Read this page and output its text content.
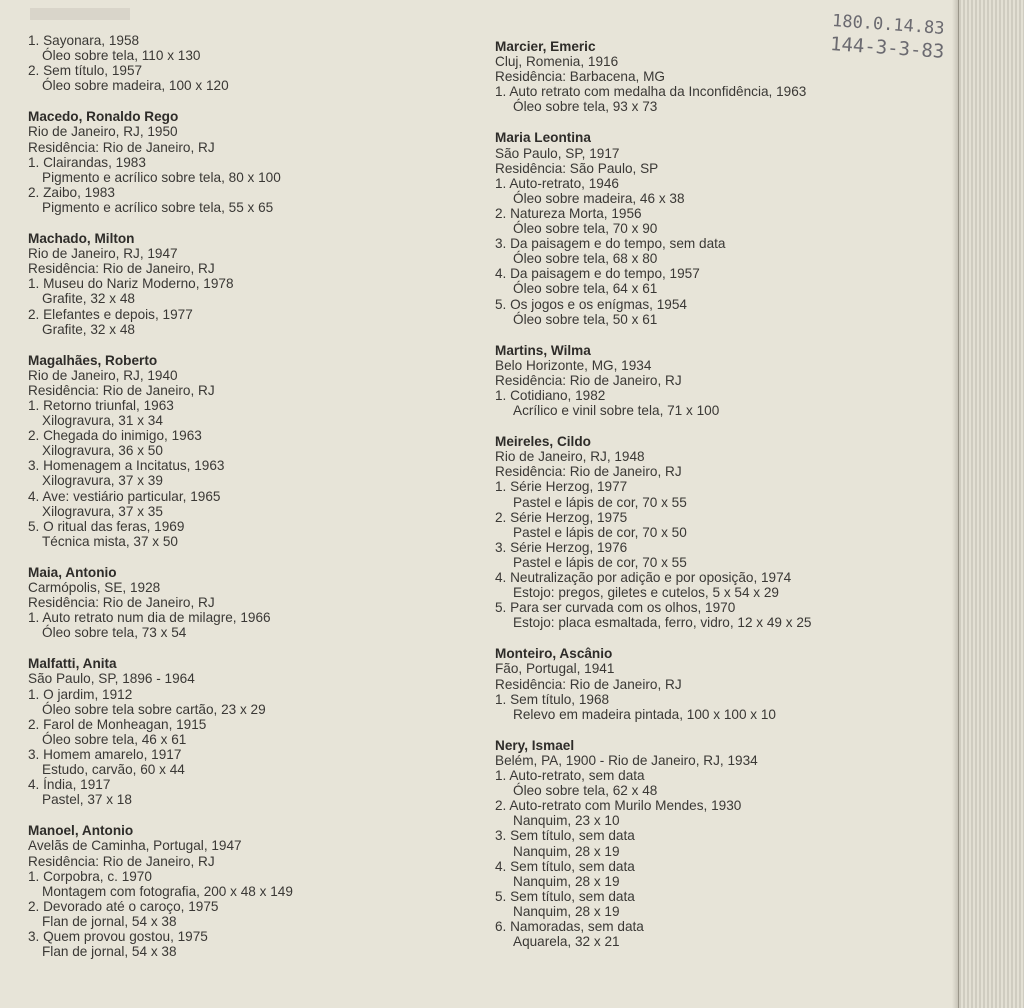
180.0.14.83
144-3-3-83
1. Sayonara, 1958
Óleo sobre tela, 110 x 130
2. Sem título, 1957
Óleo sobre madeira, 100 x 120
Macedo, Ronaldo Rego
Rio de Janeiro, RJ, 1950
Residência: Rio de Janeiro, RJ
1. Clairandas, 1983
Pigmento e acrílico sobre tela, 80 x 100
2. Zaibo, 1983
Pigmento e acrílico sobre tela, 55 x 65
Machado, Milton
Rio de Janeiro, RJ, 1947
Residência: Rio de Janeiro, RJ
1. Museu do Nariz Moderno, 1978
Grafite, 32 x 48
2. Elefantes e depois, 1977
Grafite, 32 x 48
Magalhães, Roberto
Rio de Janeiro, RJ, 1940
Residência: Rio de Janeiro, RJ
1. Retorno triunfal, 1963
Xilogravura, 31 x 34
2. Chegada do inimigo, 1963
Xilogravura, 36 x 50
3. Homenagem a Incitatus, 1963
Xilogravura, 37 x 39
4. Ave: vestiário particular, 1965
Xilogravura, 37 x 35
5. O ritual das feras, 1969
Técnica mista, 37 x 50
Maia, Antonio
Carmópolis, SE, 1928
Residência: Rio de Janeiro, RJ
1. Auto retrato num dia de milagre, 1966
Óleo sobre tela, 73 x 54
Malfatti, Anita
São Paulo, SP, 1896 - 1964
1. O jardim, 1912
Óleo sobre tela sobre cartão, 23 x 29
2. Farol de Monheagan, 1915
Óleo sobre tela, 46 x 61
3. Homem amarelo, 1917
Estudo, carvão, 60 x 44
4. Índia, 1917
Pastel, 37 x 18
Manoel, Antonio
Avelãs de Caminha, Portugal, 1947
Residência: Rio de Janeiro, RJ
1. Corpobra, c. 1970
Montagem com fotografia, 200 x 48 x 149
2. Devorado até o caroço, 1975
Flan de jornal, 54 x 38
3. Quem provou gostou, 1975
Flan de jornal, 54 x 38
Marcier, Emeric
Cluj, Romenia, 1916
Residência: Barbacena, MG
1. Auto retrato com medalha da Inconfidência, 1963
Óleo sobre tela, 93 x 73
Maria Leontina
São Paulo, SP, 1917
Residência: São Paulo, SP
1. Auto-retrato, 1946
Óleo sobre madeira, 46 x 38
2. Natureza Morta, 1956
Óleo sobre tela, 70 x 90
3. Da paisagem e do tempo, sem data
Óleo sobre tela, 68 x 80
4. Da paisagem e do tempo, 1957
Óleo sobre tela, 64 x 61
5. Os jogos e os enígmas, 1954
Óleo sobre tela, 50 x 61
Martins, Wilma
Belo Horizonte, MG, 1934
Residência: Rio de Janeiro, RJ
1. Cotidiano, 1982
Acrílico e vinil sobre tela, 71 x 100
Meireles, Cildo
Rio de Janeiro, RJ, 1948
Residência: Rio de Janeiro, RJ
1. Série Herzog, 1977
Pastel e lápis de cor, 70 x 55
2. Série Herzog, 1975
Pastel e lápis de cor, 70 x 50
3. Série Herzog, 1976
Pastel e lápis de cor, 70 x 55
4. Neutralização por adição e por oposição, 1974
Estojo: pregos, giletes e cutelos, 5 x 54 x 29
5. Para ser curvada com os olhos, 1970
Estojo: placa esmaltada, ferro, vidro, 12 x 49 x 25
Monteiro, Ascânio
Fão, Portugal, 1941
Residência: Rio de Janeiro, RJ
1. Sem título, 1968
Relevo em madeira pintada, 100 x 100 x 10
Nery, Ismael
Belém, PA, 1900 - Rio de Janeiro, RJ, 1934
1. Auto-retrato, sem data
Óleo sobre tela, 62 x 48
2. Auto-retrato com Murilo Mendes, 1930
Nanquim, 23 x 10
3. Sem título, sem data
Nanquim, 28 x 19
4. Sem título, sem data
Nanquim, 28 x 19
5. Sem título, sem data
Nanquim, 28 x 19
6. Namoradas, sem data
Aquarela, 32 x 21
